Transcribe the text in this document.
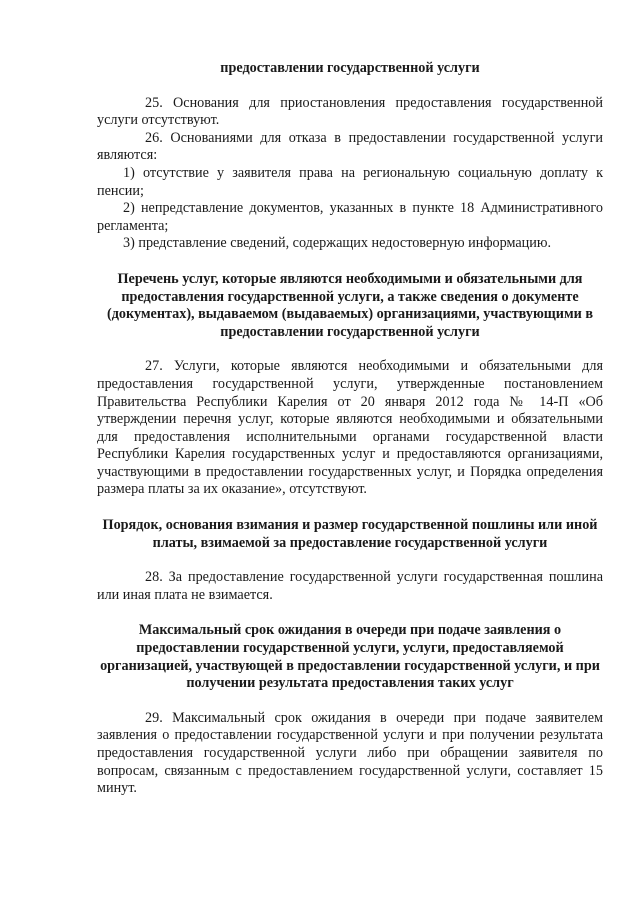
предоставлении государственной услуги

25. Основания для приостановления предоставления государственной услуги отсутствуют.

26. Основаниями для отказа в предоставлении государственной услуги являются:

1) отсутствие у заявителя права на региональную социальную доплату к пенсии;

2) непредставление документов, указанных в пункте 18 Административного регламента;

3) представление сведений, содержащих недостоверную информацию.

Перечень услуг, которые являются необходимыми и обязательными для предоставления государственной услуги, а также сведения о документе (документах), выдаваемом (выдаваемых) организациями, участвующими в предоставлении государственной услуги

27. Услуги, которые являются необходимыми и обязательными для предоставления государственной услуги, утвержденные постановлением Правительства Республики Карелия от 20 января 2012 года № 14-П «Об утверждении перечня услуг, которые являются необходимыми и обязательными для предоставления исполнительными органами государственной власти Республики Карелия государственных услуг и предоставляются организациями, участвующими в предоставлении государственных услуг, и Порядка определения размера платы за их оказание», отсутствуют.

Порядок, основания взимания и размер государственной пошлины или иной платы, взимаемой за предоставление государственной услуги

28. За предоставление государственной услуги государственная пошлина или иная плата не взимается.

Максимальный срок ожидания в очереди при подаче заявления о предоставлении государственной услуги, услуги, предоставляемой организацией, участвующей в предоставлении государственной услуги, и при получении результата предоставления таких услуг

29. Максимальный срок ожидания в очереди при подаче заявителем заявления о предоставлении государственной услуги и при получении результата предоставления государственной услуги либо при обращении заявителя по вопросам, связанным с предоставлением государственной услуги, составляет 15 минут.
